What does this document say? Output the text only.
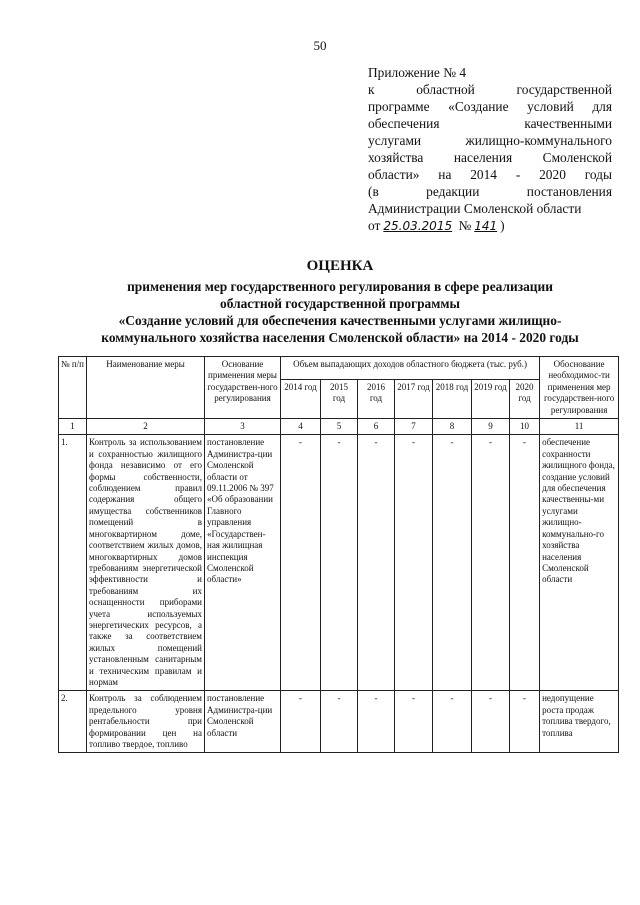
50
Приложение № 4
к областной государственной
программе «Создание условий для
обеспечения качественными
услугами жилищно-коммунального
хозяйства населения Смоленской
области» на 2014 - 2020 годы
(в редакции постановления
Администрации Смоленской области
от 25.03.2015 № 141 )
ОЦЕНКА
применения мер государственного регулирования в сфере реализации
областной государственной программы
«Создание условий для обеспечения качественными услугами жилищно-
коммунального хозяйства населения Смоленской области» на 2014 - 2020 годы
№ п/п	Наименование меры	Основание применения меры государствен-ного регулирования	Объем выпадающих доходов областного бюджета (тыс. руб.)							Обоснование необходимос-ти применения мер государствен-ного регулирования
			2014 год	2015 год	2016 год	2017 год	2018 год	2019 год	2020 год	
1	2	3	4	5	6	7	8	9	10	11
1.	Контроль за использованием и сохранностью жилищного фонда независимо от его формы собственности, соблюдением правил содержания общего имущества собственников помещений в многоквартирном доме, соответствием жилых домов, многоквартирных домов требованиям энергетической эффективности и требованиям их оснащенности приборами учета используемых энергетических ресурсов, а также за соответствием жилых помещений установленным санитарным и техническим правилам и нормам	постановление Администра-ции Смоленской области от 09.11.2006 № 397 «Об образовании Главного управления «Государствен-ная жилищная инспекция Смоленской области»	-	-	-	-	-	-	-	обеспечение сохранности жилищного фонда, создание условий для обеспечения качественны-ми услугами жилищно-коммунально-го хозяйства населения Смоленской области
2.	Контроль за соблюдением предельного уровня рентабельности при формировании цен на топливо твердое, топливо	постановление Администра-ции Смоленской области	-	-	-	-	-	-	-	недопущение роста продаж топлива твердого, топлива
